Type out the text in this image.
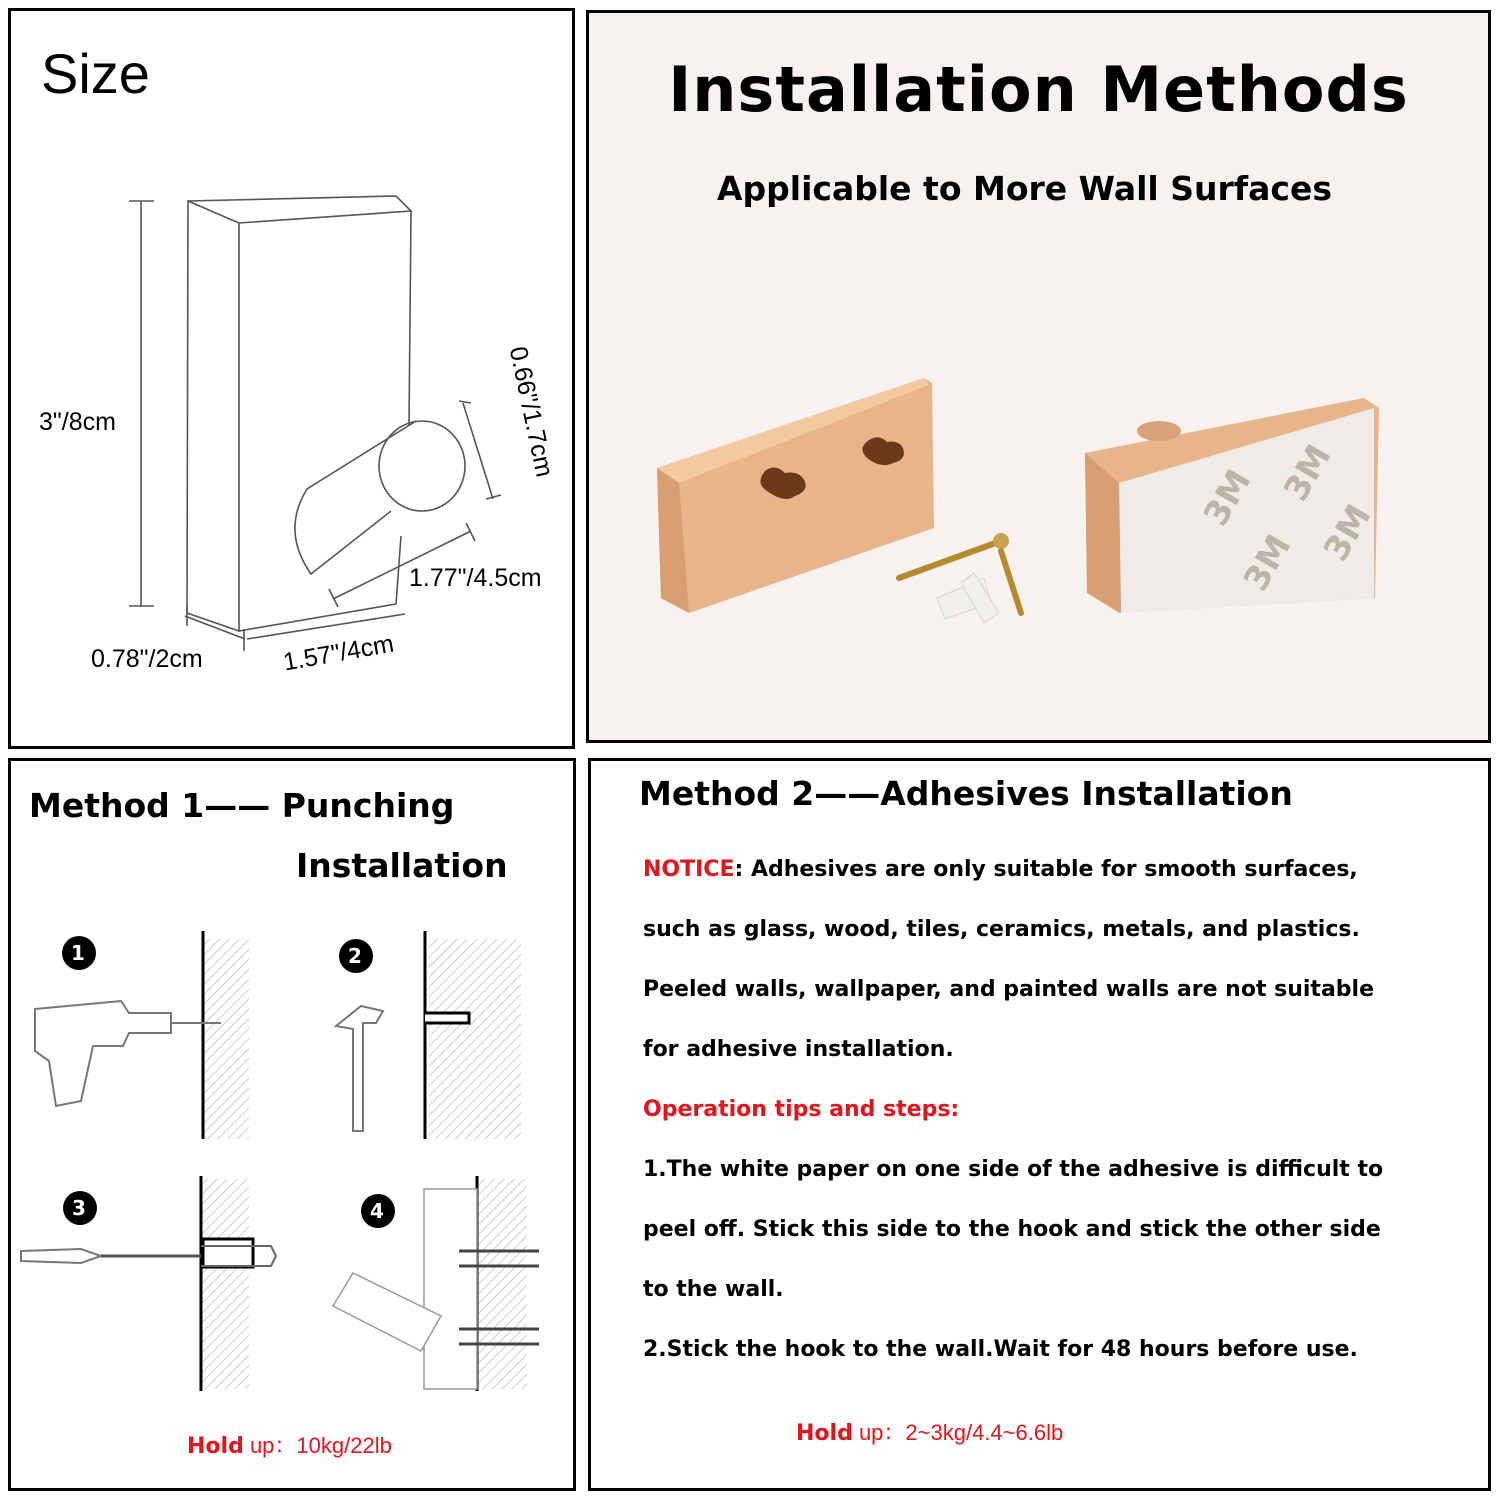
Size
3"/8cm
0.78"/2cm	1.57"/4cm
0.66"/1.7cm
1.77"/4.5cm
Installation Methods
Applicable to More Wall Surfaces
3M 3M
3M 3M
Method 1—— Punching
Installation
1	2
3	4
Hold up：10kg/22lb
Method 2——Adhesives Installation
NOTICE: Adhesives are only suitable for smooth surfaces,
such as glass, wood, tiles, ceramics, metals, and plastics.
Peeled walls, wallpaper, and painted walls are not suitable
for adhesive installation.
Operation tips and steps:
1.The white paper on one side of the adhesive is difficult to
peel off. Stick this side to the hook and stick the other side
to the wall.
2.Stick the hook to the wall.Wait for 48 hours before use.
Hold up：2~3kg/4.4~6.6lb
